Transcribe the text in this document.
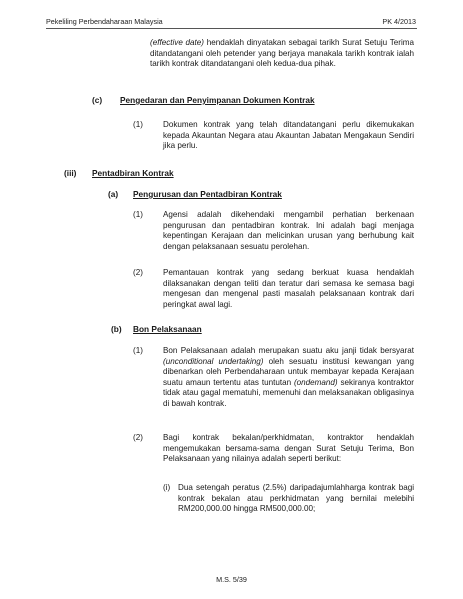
Pekeliling Perbendaharaan Malaysia	PK 4/2013
(effective date) hendaklah dinyatakan sebagai tarikh Surat Setuju Terima ditandatangani oleh petender yang berjaya manakala tarikh kontrak ialah tarikh kontrak ditandatangani oleh kedua-dua pihak.
(c) Pengedaran dan Penyimpanan Dokumen Kontrak
(1) Dokumen kontrak yang telah ditandatangani perlu dikemukakan kepada Akauntan Negara atau Akauntan Jabatan Mengakaun Sendiri jika perlu.
(iii) Pentadbiran Kontrak
(a) Pengurusan dan Pentadbiran Kontrak
(1) Agensi adalah dikehendaki mengambil perhatian berkenaan pengurusan dan pentadbiran kontrak. Ini adalah bagi menjaga kepentingan Kerajaan dan melicinkan urusan yang berhubung kait dengan pelaksanaan sesuatu perolehan.
(2) Pemantauan kontrak yang sedang berkuat kuasa hendaklah dilaksanakan dengan teliti dan teratur dari semasa ke semasa bagi mengesan dan mengenal pasti masalah pelaksanaan kontrak dari peringkat awal lagi.
(b) Bon Pelaksanaan
(1) Bon Pelaksanaan adalah merupakan suatu aku janji tidak bersyarat (unconditional undertaking) oleh sesuatu institusi kewangan yang dibenarkan oleh Perbendaharaan untuk membayar kepada Kerajaan suatu amaun tertentu atas tuntutan (ondemand) sekiranya kontraktor tidak atau gagal mematuhi, memenuhi dan melaksanakan obligasinya di bawah kontrak.
(2) Bagi kontrak bekalan/perkhidmatan, kontraktor hendaklah mengemukakan bersama-sama dengan Surat Setuju Terima, Bon Pelaksanaan yang nilainya adalah seperti berikut:
(i) Dua setengah peratus (2.5%) daripadajumlahharga kontrak bagi kontrak bekalan atau perkhidmatan yang bernilai melebihi RM200,000.00 hingga RM500,000.00;
M.S. 5/39
